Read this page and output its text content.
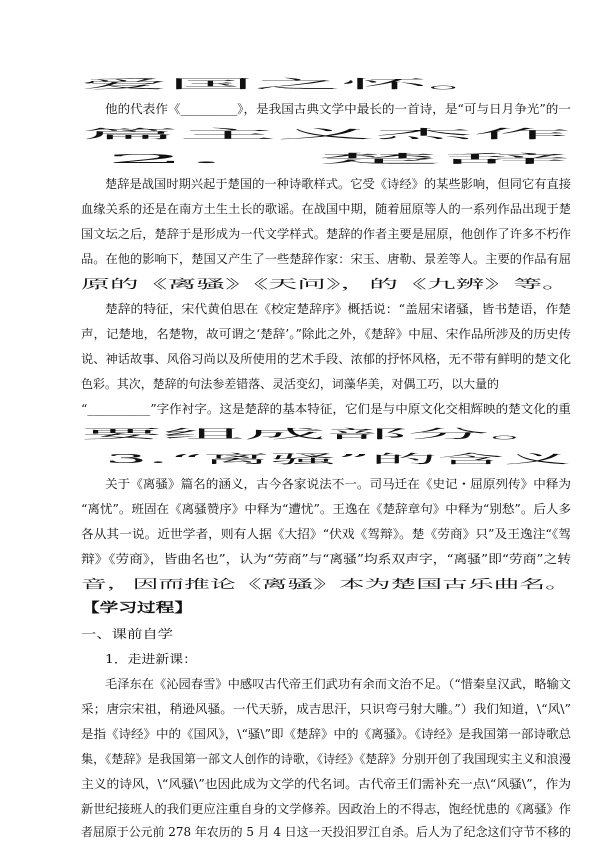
爱国之怀。
他的代表作《_________》，是我国古典文学中最长的一首诗，是“可与日月争光”的一
篇主义杰作
2．楚辞
楚辞是战国时期兴起于楚国的一种诗歌样式。它受《诗经》的某些影响，但同它有直接
血缘关系的还是在南方土生土长的歌谣。在战国中期，随着屈原等人的一系列作品出现于楚
国文坛之后，楚辞于是形成为一代文学样式。楚辞的作者主要是屈原，他创作了许多不朽作
品。在他的影响下，楚国又产生了一些楚辞作家：宋玉、唐勒、景差等人。主要的作品有屈
原的《离骚》《天问》，的《九辨》等。
楚辞的特征，宋代黄伯思在《校定楚辞序》概括说：“盖屈宋诸骚，皆书楚语，作楚
声，记楚地，名楚物，故可谓之‘楚辞’。”除此之外，《楚辞》中屈、宋作品所涉及的历史传
说、神话故事、风俗习尚以及所使用的艺术手段、浓郁的抒怀风格，无不带有鲜明的楚文化
色彩。其次，楚辞的句法参差错落、灵活变幻，词藻华美，对偶工巧，以大量的
“__________”字作衬字。这是楚辞的基本特征，它们是与中原文化交相辉映的楚文化的重
要组成部分。
3.“离骚”的含义
关于《离骚》篇名的涵义，古今各家说法不一。司马迁在《史记・屈原列传》中释为
“离忧”。班固在《离骚赞序》中释为“遭忧”。王逸在《楚辞章句》中释为“别愁”。后人多
各从其一说。近世学者，则有人据《大招》“伏戏《驾辩》。楚《劳商》只”及王逸注“《驾
辩》《劳商》，皆曲名也”，认为“劳商”与“离骚”均系双声字，“离骚”即“劳商”之转
音，因而推论《离骚》本为楚国古乐曲名。
【学习过程】
一、课前自学
1．走进新课：
毛泽东在《沁园春雪》中感叹古代帝王们武功有余而文治不足。（“惜秦皇汉武，略输文
采；唐宗宋祖，稍逊风骚。一代天骄，成吉思汗，只识弯弓射大雕。”）我们知道，\“风\”
是指《诗经》中的《国风》，\“骚\”即《楚辞》中的《离骚》。《诗经》是我国第一部诗歌总
集，《楚辞》是我国第一部文人创作的诗歌，《诗经》《楚辞》分别开创了我国现实主义和浪漫
主义的诗风，\“风骚\”也因此成为文学的代名词。古代帝王们需补充一点\“风骚\”，作为
新世纪接班人的我们更应注重自身的文学修养。因政治上的不得志，饱经忧患的《离骚》作
者屈原于公元前 278 年农历的 5 月 4 日这一天投汨罗江自杀。后人为了纪念这们守节不移的
